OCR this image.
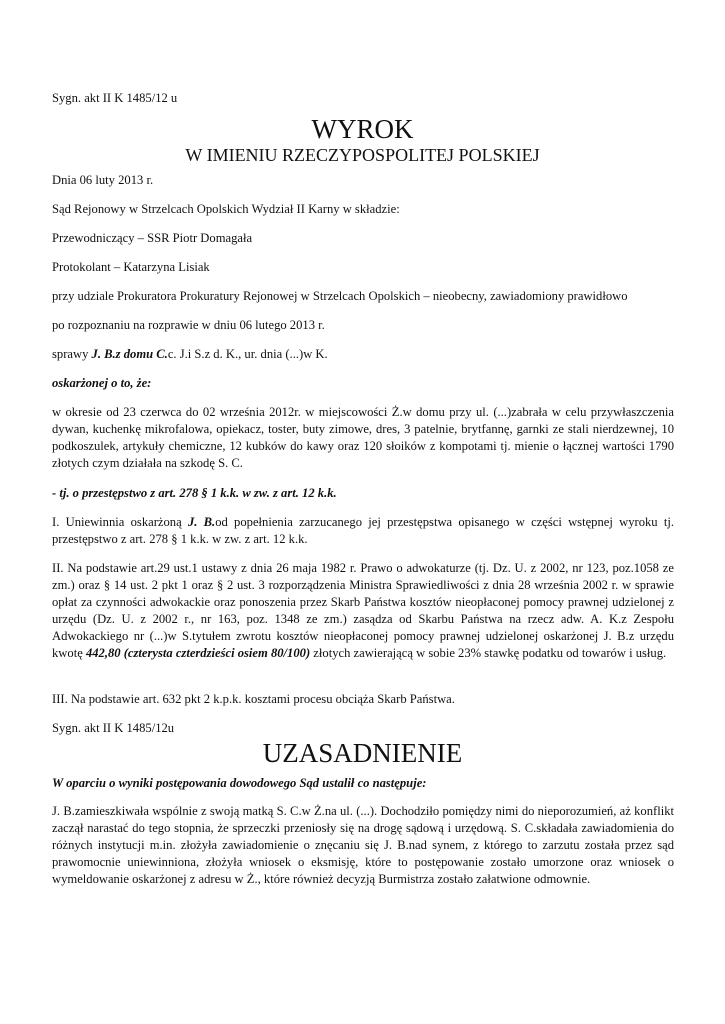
Sygn. akt II K 1485/12 u
WYROK
W IMIENIU RZECZYPOSPOLITEJ POLSKIEJ
Dnia 06 luty 2013 r.
Sąd Rejonowy w Strzelcach Opolskich Wydział II Karny w składzie:
Przewodniczący – SSR Piotr Domagała
Protokolant – Katarzyna Lisiak
przy udziale Prokuratora Prokuratury Rejonowej w Strzelcach Opolskich – nieobecny, zawiadomiony prawidłowo
po rozpoznaniu na rozprawie w dniu 06 lutego 2013 r.
sprawy J. B.z domu C.c. J.i S.z d. K., ur. dnia (...)w K.
oskarżonej o to, że:
w okresie od 23 czerwca do 02 września 2012r. w miejscowości Ż.w domu przy ul. (...)zabrała w celu przywłaszczenia dywan, kuchenkę mikrofalowa, opiekacz, toster, buty zimowe, dres, 3 patelnie, brytfannę, garnki ze stali nierdzewnej, 10 podkoszulek, artykuły chemiczne, 12 kubków do kawy oraz 120 słoików z kompotami tj. mienie o łącznej wartości 1790 złotych czym działała na szkodę S. C.
- tj. o przestępstwo z art. 278 § 1 k.k. w zw. z art. 12 k.k.
I. Uniewinnia oskarżoną J. B.od popełnienia zarzucanego jej przestępstwa opisanego w części wstępnej wyroku tj. przestępstwo z art. 278 § 1 k.k. w zw. z art. 12 k.k.
II. Na podstawie art.29 ust.1 ustawy z dnia 26 maja 1982 r. Prawo o adwokaturze (tj. Dz. U. z 2002, nr 123, poz.1058 ze zm.) oraz § 14 ust. 2 pkt 1 oraz § 2 ust. 3 rozporządzenia Ministra Sprawiedliwości z dnia 28 września 2002 r. w sprawie opłat za czynności adwokackie oraz ponoszenia przez Skarb Państwa kosztów nieopłaconej pomocy prawnej udzielonej z urzędu (Dz. U. z 2002 r., nr 163, poz. 1348 ze zm.) zasądza od Skarbu Państwa na rzecz adw. A. K.z Zespołu Adwokackiego nr (...)w S.tytułem zwrotu kosztów nieopłaconej pomocy prawnej udzielonej oskarżonej J. B.z urzędu kwotę 442,80 (czterysta czterdzieści osiem 80/100) złotych zawierającą w sobie 23% stawkę podatku od towarów i usług.
III. Na podstawie art. 632 pkt 2 k.p.k. kosztami procesu obciąża Skarb Państwa.
Sygn. akt II K 1485/12u
UZASADNIENIE
W oparciu o wyniki postępowania dowodowego Sąd ustalił co następuje:
J. B.zamieszkiwała wspólnie z swoją matką S. C.w Ż.na ul. (...). Dochodziło pomiędzy nimi do nieporozumień, aż konflikt zaczął narastać do tego stopnia, że sprzeczki przeniosły się na drogę sądową i urzędową. S. C.składała zawiadomienia do różnych instytucji m.in. złożyła zawiadomienie o znęcaniu się J. B.nad synem, z którego to zarzutu została przez sąd prawomocnie uniewinniona, złożyła wniosek o eksmisję, które to postępowanie zostało umorzone oraz wniosek o wymeldowanie oskarżonej z adresu w Ż., które również decyzją Burmistrza zostało załatwione odmownie.
